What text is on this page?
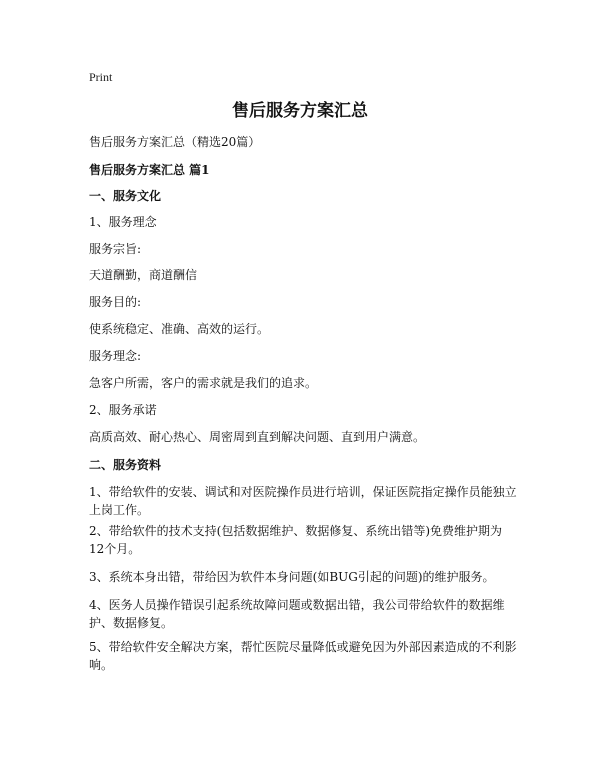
Print
售后服务方案汇总
售后服务方案汇总（精选20篇）
售后服务方案汇总 篇1
一、服务文化
1、服务理念
服务宗旨:
天道酬勤，商道酬信
服务目的:
使系统稳定、准确、高效的运行。
服务理念:
急客户所需，客户的需求就是我们的追求。
2、服务承诺
高质高效、耐心热心、周密周到直到解决问题、直到用户满意。
二、服务资料
1、带给软件的安装、调试和对医院操作员进行培训，保证医院指定操作员能独立上岗工作。
2、带给软件的技术支持(包括数据维护、数据修复、系统出错等)免费维护期为12个月。
3、系统本身出错，带给因为软件本身问题(如BUG引起的问题)的维护服务。
4、医务人员操作错误引起系统故障问题或数据出错，我公司带给软件的数据维护、数据修复。
5、带给软件安全解决方案，帮忙医院尽量降低或避免因为外部因素造成的不利影响。
